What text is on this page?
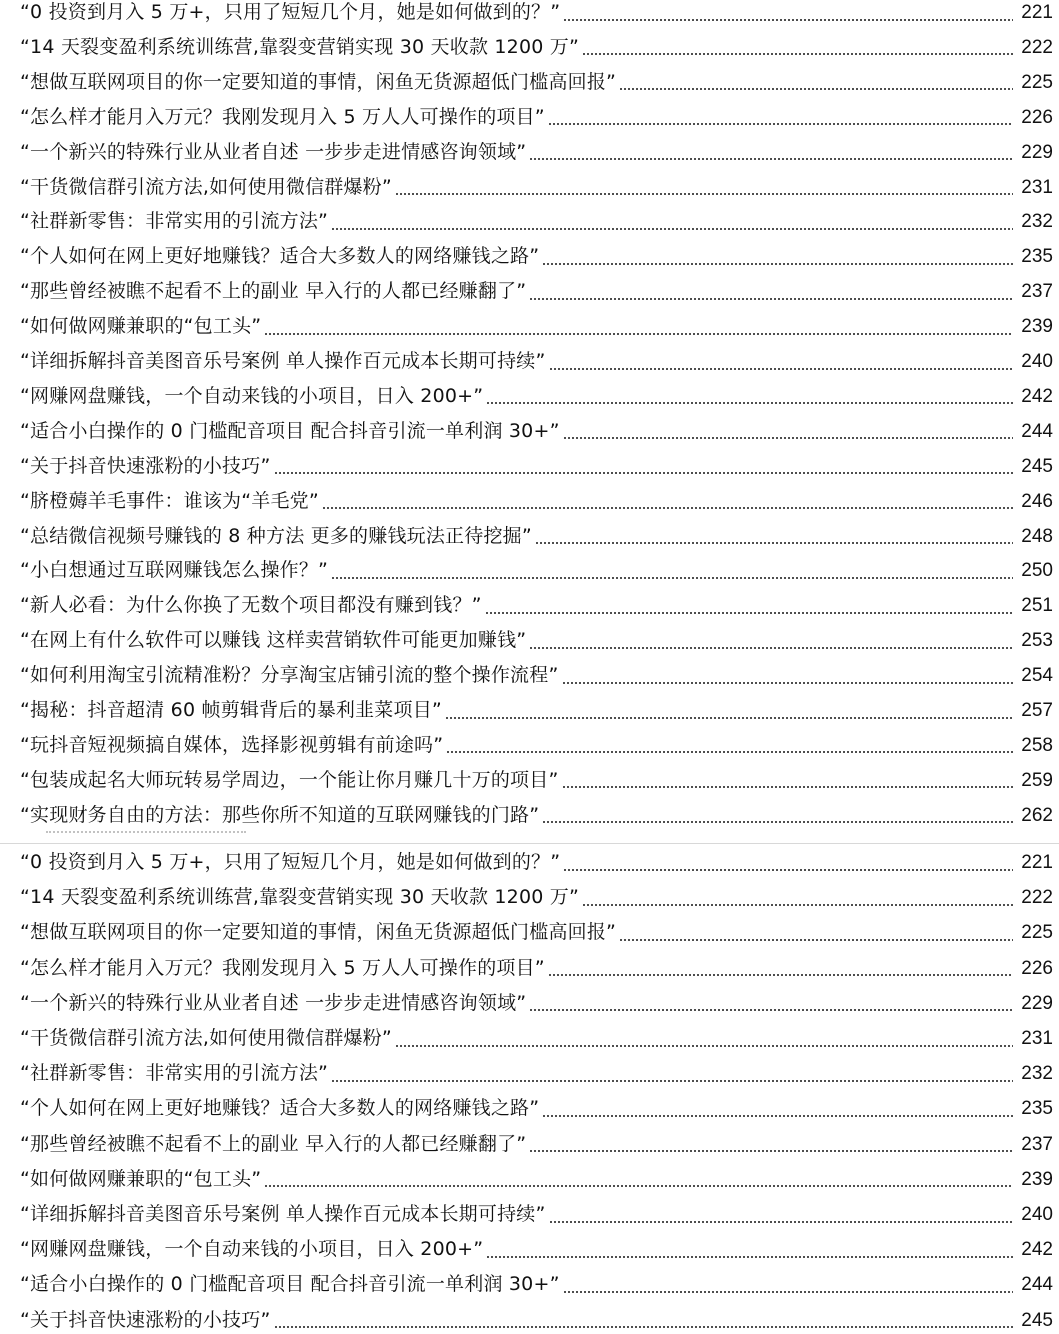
“0 投资到月入 5 万+，只用了短短几个月，她是如何做到的？”	221
“14 天裂变盈利系统训练营,靠裂变营销实现 30 天收款 1200 万”	222
“想做互联网项目的你一定要知道的事情，闲鱼无货源超低门槛高回报”	225
“怎么样才能月入万元？我刚发现月入 5 万人人可操作的项目”	226
“一个新兴的特殊行业从业者自述 一步步走进情感咨询领域”	229
“干货微信群引流方法,如何使用微信群爆粉”	231
“社群新零售：非常实用的引流方法”	232
“个人如何在网上更好地赚钱？适合大多数人的网络赚钱之路”	235
“那些曾经被瞧不起看不上的副业 早入行的人都已经赚翻了”	237
“如何做网赚兼职的“包工头”	239
“详细拆解抖音美图音乐号案例 单人操作百元成本长期可持续”	240
“网赚网盘赚钱，一个自动来钱的小项目，日入 200+”	242
“适合小白操作的 0 门槛配音项目 配合抖音引流一单利润 30+”	244
“关于抖音快速涨粉的小技巧”	245
“脐橙薅羊毛事件：谁该为“羊毛党”	246
“总结微信视频号赚钱的 8 种方法 更多的赚钱玩法正待挖掘”	248
“小白想通过互联网赚钱怎么操作？”	250
“新人必看：为什么你换了无数个项目都没有赚到钱？”	251
“在网上有什么软件可以赚钱 这样卖营销软件可能更加赚钱”	253
“如何利用淘宝引流精准粉？分享淘宝店铺引流的整个操作流程”	254
“揭秘：抖音超清 60 帧剪辑背后的暴利韭菜项目”	257
“玩抖音短视频搞自媒体，选择影视剪辑有前途吗”	258
“包装成起名大师玩转易学周边，一个能让你月赚几十万的项目”	259
“实现财务自由的方法：那些你所不知道的互联网赚钱的门路”	262
“0 投资到月入 5 万+，只用了短短几个月，她是如何做到的？”	221
“14 天裂变盈利系统训练营,靠裂变营销实现 30 天收款 1200 万”	222
“想做互联网项目的你一定要知道的事情，闲鱼无货源超低门槛高回报”	225
“怎么样才能月入万元？我刚发现月入 5 万人人可操作的项目”	226
“一个新兴的特殊行业从业者自述 一步步走进情感咨询领域”	229
“干货微信群引流方法,如何使用微信群爆粉”	231
“社群新零售：非常实用的引流方法”	232
“个人如何在网上更好地赚钱？适合大多数人的网络赚钱之路”	235
“那些曾经被瞧不起看不上的副业 早入行的人都已经赚翻了”	237
“如何做网赚兼职的“包工头”	239
“详细拆解抖音美图音乐号案例 单人操作百元成本长期可持续”	240
“网赚网盘赚钱，一个自动来钱的小项目，日入 200+”	242
“适合小白操作的 0 门槛配音项目 配合抖音引流一单利润 30+”	244
“关于抖音快速涨粉的小技巧”	245
